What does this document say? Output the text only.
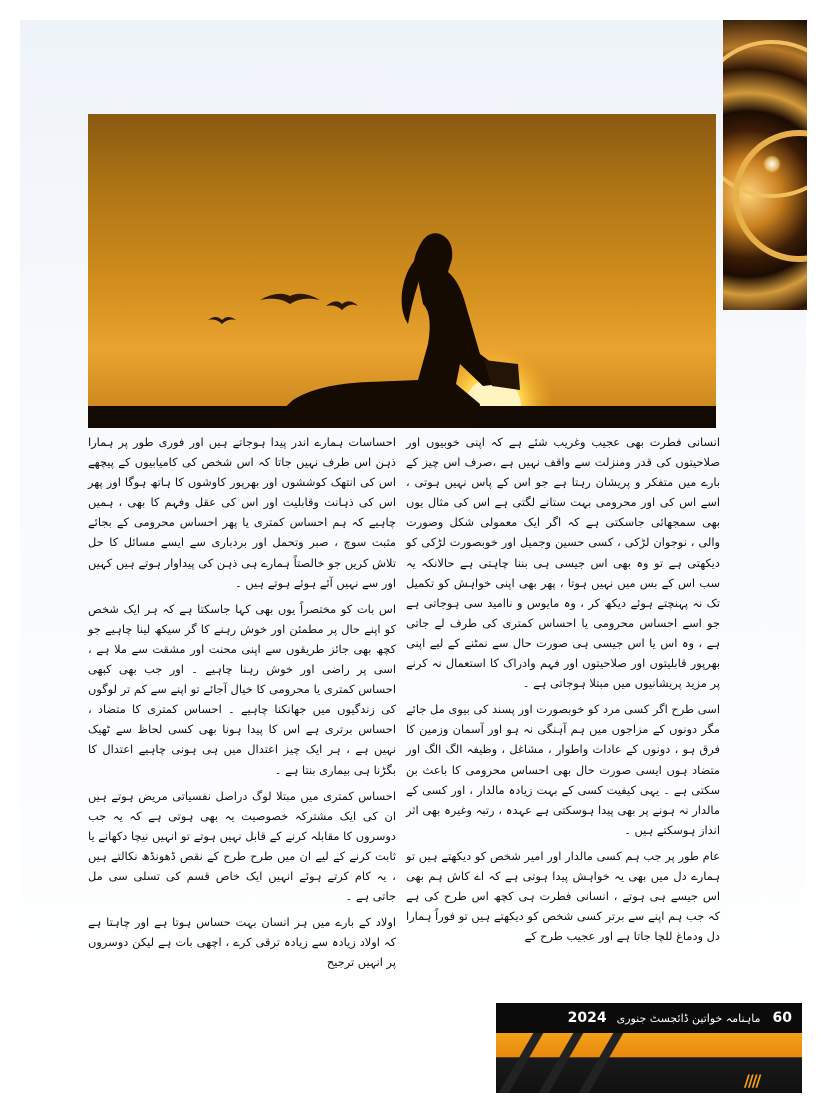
انسانی فطرت بھی عجیب وغریب شئے ہے کہ اپنی خوبیوں اور صلاحیتوں کی قدر ومنزلت سے واقف نہیں ہے ،صرف اس چیز کے بارے میں متفکر و پریشان رہتا ہے جو اس کے پاس نہیں ہوتی ، اسے اس کی اور محرومی بہت ستانے لگتی ہے اس کی مثال یوں بھی سمجھائی جاسکتی ہے کہ اگر ایک معمولی شکل وصورت والی ، نوجوان لڑکی ، کسی حسین وجمیل اور خوبصورت لڑکی کو دیکھتی ہے تو وہ بھی اس جیسی ہی بننا چاہتی ہے حالانکہ یہ سب اس کے بس میں نہیں ہوتا ، پھر بھی اپنی خواہش کو تکمیل تک نہ پہنچتے ہوئے دیکھ کر ، وہ مایوس و ناامید سی ہوجاتی ہے جو اسے احساس محرومی یا احساس کمتری کی طرف لے جاتی ہے ، وہ اس یا اس جیسی ہی صورت حال سے نمٹنے کے لیے اپنی بھرپور قابلیتوں اور صلاحیتوں اور فہم وادراک کا استعمال نہ کرنے پر مزید پریشانیوں میں مبتلا ہوجاتی ہے ۔

اسی طرح اگر کسی مرد کو خوبصورت اور پسند کی بیوی مل جائے مگر دونوں کے مزاجوں میں ہم آہنگی نہ ہو اور آسمان وزمین کا فرق ہو ، دونوں کے عادات واطوار ، مشاغل ، وظیفہ الگ الگ اور متضاد ہوں ایسی صورت حال بھی احساس محرومی کا باعث بن سکتی ہے ۔ یہی کیفیت کسی کے بہت زیادہ مالدار ، اور کسی کے مالدار نہ ہونے پر بھی پیدا ہوسکتی ہے عہدہ ، رتبہ وغیرہ بھی اثر انداز ہوسکتے ہیں ۔

عام طور پر جب ہم کسی مالدار اور امیر شخص کو دیکھتے ہیں تو ہمارے دل میں بھی یہ خواہش پیدا ہوتی ہے کہ اے کاش ہم بھی اس جیسے ہی ہوتے ، انسانی فطرت ہی کچھ اس طرح کی ہے کہ جب ہم اپنے سے برتر کسی شخص کو دیکھتے ہیں تو فوراً ہمارا دل ودماغ للچا جاتا ہے اور عجیب طرح کے

احساسات ہمارے اندر پیدا ہوجاتے ہیں اور فوری طور پر ہمارا ذہن اس طرف نہیں جاتا کہ اس شخص کی کامیابیوں کے پیچھے اس کی انتھک کوششوں اور بھرپور کاوشوں کا ہاتھ ہوگا اور پھر اس کی ذہانت وقابلیت اور اس کی عقل وفہم کا بھی ، ہمیں چاہیے کہ ہم احساس کمتری یا پھر احساس محرومی کے بجائے مثبت سوچ ، صبر وتحمل اور بردباری سے ایسے مسائل کا حل تلاش کریں جو خالصتاً ہمارے ہی ذہن کی پیداوار ہوتے ہیں کہیں اور سے نہیں آئے ہوئے ہوتے ہیں ۔

اس بات کو مختصراً یوں بھی کہا جاسکتا ہے کہ ہر ایک شخص کو اپنے حال پر مطمئن اور خوش رہنے کا گر سیکھ لینا چاہیے جو کچھ بھی جائز طریقوں سے اپنی محنت اور مشقت سے ملا ہے ، اسی پر راضی اور خوش رہنا چاہیے ۔ اور جب بھی کبھی احساس کمتری یا محرومی کا خیال آجائے تو اپنے سے کم تر لوگوں کی زندگیوں میں جھانکنا چاہیے ۔ احساس کمتری کا متضاد ، احساس برتری ہے اس کا پیدا ہونا بھی کسی لحاظ سے ٹھیک نہیں ہے ، ہر ایک چیز اعتدال میں ہی ہونی چاہیے اعتدال کا بگڑنا ہی بیماری بنتا ہے ۔

احساس کمتری میں مبتلا لوگ دراصل نفسیاتی مریض ہوتے ہیں ان کی ایک مشترکہ خصوصیت یہ بھی ہوتی ہے کہ یہ جب دوسروں کا مقابلہ کرنے کے قابل نہیں ہوتے تو انہیں نیچا دکھانے یا ثابت کرنے کے لیے ان میں طرح طرح کے نقص ڈھونڈھ نکالتے ہیں ، یہ کام کرتے ہوئے انہیں ایک خاص قسم کی تسلی سی مل جاتی ہے ۔

اولاد کے بارے میں ہر انسان بہت حساس ہوتا ہے اور چاہتا ہے کہ اولاد زیادہ سے زیادہ ترقی کرے ، اچھی بات ہے لیکن دوسروں پر انہیں ترجیح

60
ماہنامہ خواتین ڈائجسٹ جنوری
2024
////
